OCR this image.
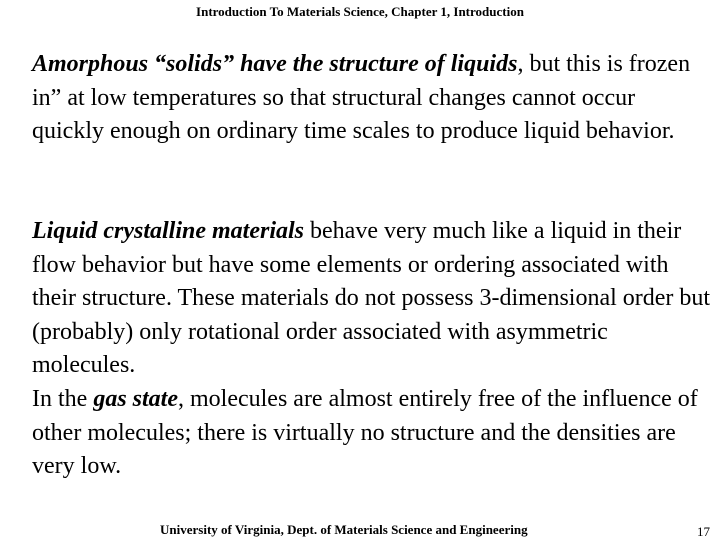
Introduction To Materials Science, Chapter 1, Introduction

Amorphous “solids” have the structure of liquids, but this is frozen in” at low temperatures so that structural changes cannot occur quickly enough on ordinary time scales to produce liquid behavior.

Liquid crystalline materials behave very much like a liquid in their flow behavior but have some elements or ordering associated with their structure. These materials do not possess 3-dimensional order but (probably) only rotational order associated with asymmetric molecules.

In the gas state, molecules are almost entirely free of the influence of other molecules; there is virtually no structure and the densities are very low.

University of Virginia, Dept. of Materials Science and Engineering	17
